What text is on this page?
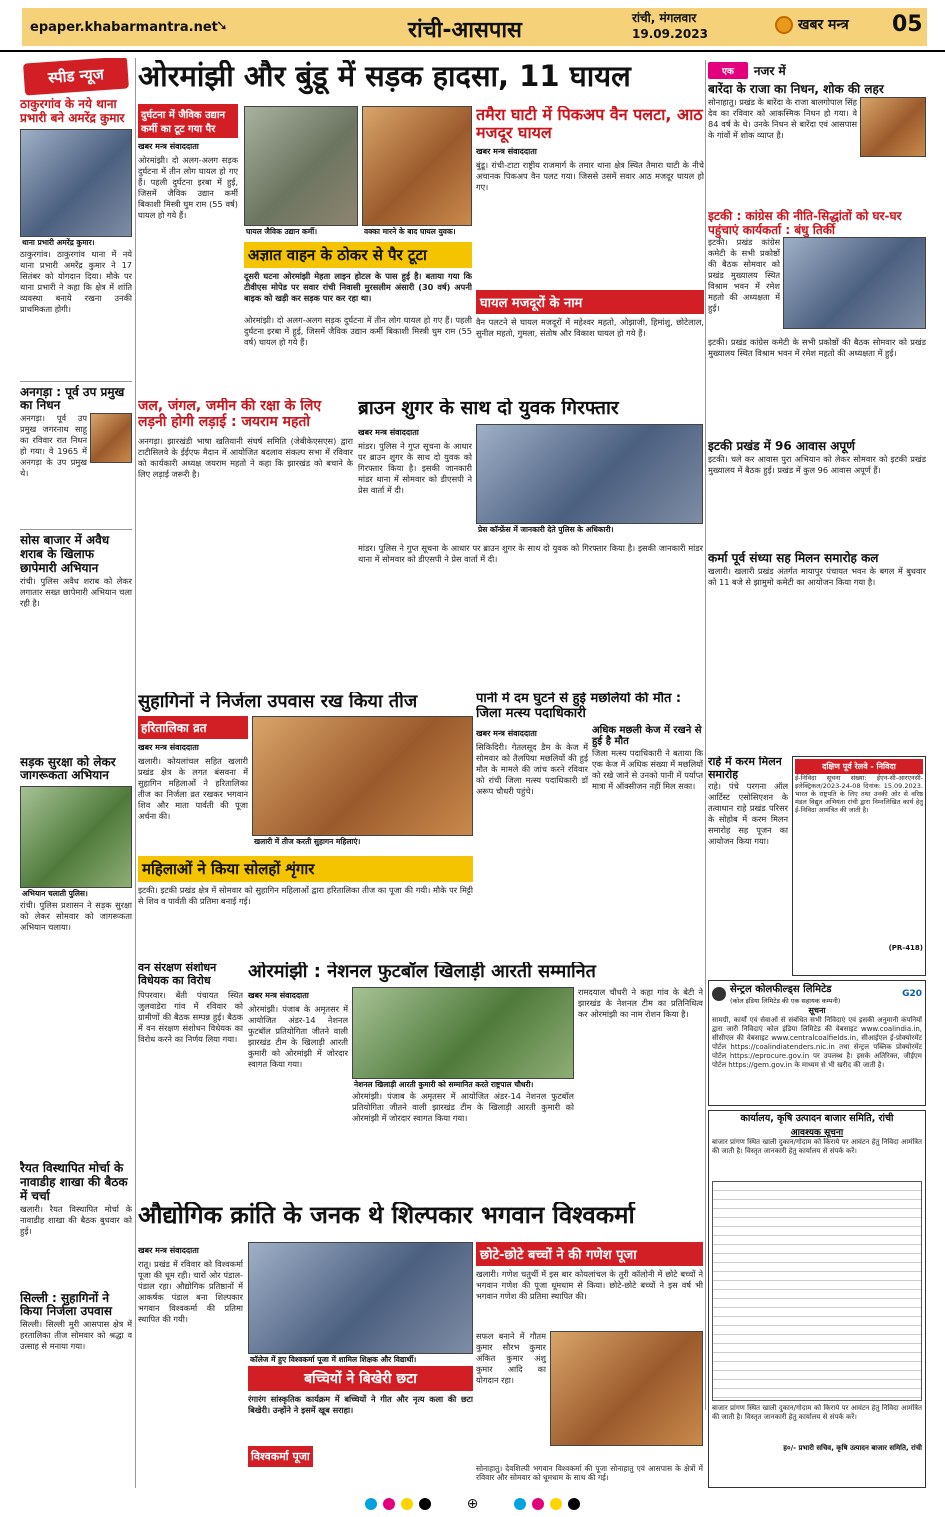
epaper.khabarmantra.net
➘	रांची-आसपास	रांची, मंगलवार
19.09.2023
खबर मन्त्र 05
स्पीड न्यूज
ठाकुरगांव के नये थाना प्रभारी बने अमरेंद्र कुमार
थाना प्रभारी अमरेंद्र कुमार।
ठाकुरगांव। ठाकुरगांव थाना में नये थाना प्रभारी अमरेंद्र कुमार ने 17 सितंबर को योगदान दिया। मौके पर थाना प्रभारी ने कहा कि क्षेत्र में शांति व्यवस्था बनाये रखना उनकी प्राथमिकता होगी।
अनगड़ा : पूर्व उप प्रमुख का निधन
अनगड़ा। पूर्व उप प्रमुख जगरनाथ साहू का रविवार रात निधन हो गया। वे 1965 में अनगड़ा के उप प्रमुख थे।
सोस बाजार में अवैध शराब के खिलाफ छापेमारी अभियान
रांची। पुलिस अवैध शराब को लेकर लगातार सख्त छापेमारी अभियान चला रही है।
सड़क सुरक्षा को लेकर जागरूकता अभियान
अभियान चलाती पुलिस।
रांची। पुलिस प्रशासन ने सड़क सुरक्षा को लेकर सोमवार को जागरूकता अभियान चलाया।
रैयत विस्थापित मोर्चा के नावाडीह शाखा की बैठक में चर्चा
खलारी। रैयत विस्थापित मोर्चा के नावाडीह शाखा की बैठक बुधवार को हुई।
सिल्ली : सुहागिनों ने किया निर्जला उपवास
सिल्ली। सिल्ली मुरी आसपास क्षेत्र में हरतालिका तीज सोमवार को श्रद्धा व उत्साह से मनाया गया।
ओरमांझी और बुंडू में सड़क हादसा, 11 घायल
दुर्घटना में जैविक उद्यान कर्मी का टूट गया पैर
खबर मन्त्र संवाददाता
ओरमांझी। दो अलग-अलग सड़क दुर्घटना में तीन लोग घायल हो गए हैं। पहली दुर्घटना इरबा में हुई, जिसमें जैविक उद्यान कर्मी बिकाशी मिस्त्री घुम राम (55 वर्ष) घायल हो गये हैं।
घायल जैविक उद्यान कर्मी।	वक्का मारने के बाद घायल युवक।
अज्ञात वाहन के ठोकर से पैर टूटा
दूसरी घटना ओरमांझी मेहता लाइन होटल के पास हुई है। बताया गया कि टीवीएस मोपेड पर सवार रांची निवासी मुरसलीम अंसारी (30 वर्ष) अपनी बाइक को खड़ी कर सड़क पार कर रहा था।
ओरमांझी। दो अलग-अलग सड़क दुर्घटना में तीन लोग घायल हो गए हैं। पहली दुर्घटना इरबा में हुई, जिसमें जैविक उद्यान कर्मी बिकाशी मिस्त्री घुम राम (55 वर्ष) घायल हो गये हैं।
तमैरा घाटी में पिकअप वैन पलटा, आठ मजदूर घायल
खबर मन्त्र संवाददाता
बुंडू। रांची-टाटा राष्ट्रीय राजमार्ग के तमार थाना क्षेत्र स्थित तैमारा घाटी के नीचे अचानक पिकअप वैन पलट गया। जिससे उसमें सवार आठ मजदूर घायल हो गए।
घायल मजदूरों के नाम
वैन पलटने से घायल मजदूरों में महेश्वर महतो, ओझाजी, हिमांशु, छोटेलाल, सुनील महतो, गुमला, संतोष और विकाश घायल हो गये हैं।
एक	नजर में
बारेंदा के राजा का निधन, शोक की लहर
सोनाहातु। प्रखंड के बारेंदा के राजा बालगोपाल सिंह देव का रविवार को आकस्मिक निधन हो गया। वे 84 वर्ष के थे। उनके निधन से बारेंदा एवं आसपास के गांवों में शोक व्याप्त है।
इटकी : कांग्रेस की नीति-सिद्धांतों को घर-घर पहुंचाएं कार्यकर्ता : बंधु तिर्की
इटकी। प्रखंड कांग्रेस कमेटी के सभी प्रकोष्ठों की बैठक सोमवार को प्रखंड मुख्यालय स्थित विश्राम भवन में रमेश महतो की अध्यक्षता में हुई।
इटकी। प्रखंड कांग्रेस कमेटी के सभी प्रकोष्ठों की बैठक सोमवार को प्रखंड मुख्यालय स्थित विश्राम भवन में रमेश महतो की अध्यक्षता में हुई।
इटकी प्रखंड में 96 आवास अपूर्ण
इटकी। चले कर आवास पुरा अभियान को लेकर सोमवार को इटकी प्रखंड मुख्यालय में बैठक हुई। प्रखंड में कुल 96 आवास अपूर्ण हैं।
कर्मा पूर्व संध्या सह मिलन समारोह कल
खलारी। खलारी प्रखंड अंतर्गत मायापुर पंचायत भवन के बगल में बुधवार को 11 बजे से झामुमो कमेटी का आयोजन किया गया है।
जल, जंगल, जमीन की रक्षा के लिए लड़नी होगी लड़ाई : जयराम महतो
अनगड़ा। झारखंडी भाषा खतियानी संघर्ष समिति (जेबीकेएसएस) द्वारा टाटीसिलवे के ईईएफ मैदान में आयोजित बदलाव संकल्प सभा में रविवार को कार्यकारी अध्यक्ष जयराम महतो ने कहा कि झारखंड को बचाने के लिए लड़ाई जरूरी है।
ब्राउन शुगर के साथ दो युवक गिरफ्तार
खबर मन्त्र संवाददाता
मांडर। पुलिस ने गुप्त सूचना के आधार पर ब्राउन शुगर के साथ दो युवक को गिरफ्तार किया है। इसकी जानकारी मांडर थाना में सोमवार को डीएसपी ने प्रेस वार्ता में दी।
प्रेस कॉन्फ्रेंस में जानकारी देते पुलिस के अधिकारी।
मांडर। पुलिस ने गुप्त सूचना के आधार पर ब्राउन शुगर के साथ दो युवक को गिरफ्तार किया है। इसकी जानकारी मांडर थाना में सोमवार को डीएसपी ने प्रेस वार्ता में दी।
सुहागिनों ने निर्जला उपवास रख किया तीज
हरितालिका व्रत
खबर मन्त्र संवाददाता
खलारी। कोयलांचल सहित खलारी प्रखंड क्षेत्र के लगत बंसवना में सुहागिन महिलाओं ने हरितालिका तीज का निर्जला व्रत रखकर भगवान शिव और माता पार्वती की पूजा अर्चना की।
खलारी में तीज करती सुहागन महिलाएं।
महिलाओं ने किया सोलहों शृंगार
इटकी। इटकी प्रखंड क्षेत्र में सोमवार को सुहागिन महिलाओं द्वारा हरितालिका तीज का पूजा की गयी। मौके पर मिट्टी से शिव व पार्वती की प्रतिमा बनाई गई।
पानी में दम घुटने से हुई मछलियों की मौत : जिला मत्स्य पदाधिकारी
खबर मन्त्र संवाददाता
सिकिदिरी। गेतलसूद डैम के केज में सोमवार को तैलपिया मछलियों की हुई मौत के मामले की जांच करने रविवार को रांची जिला मत्स्य पदाधिकारी डॉ अरूप चौधरी पहुंचे।
अधिक मछली केज में रखने से हुई है मौत
जिला मत्स्य पदाधिकारी ने बताया कि एक केज में अधिक संख्या में मछलियों को रखे जाने से उनको पानी में पर्याप्त मात्रा में ऑक्सीजन नहीं मिल सका।
राहे में करम मिलन समारोह
राहे। पंचे परगना ऑल आर्टिस्ट एसोसिएशन के तत्वाधान राहे प्रखंड परिसर के सोहोब में करम मिलन समारोह सह पूजन का आयोजन किया गया।
दक्षिण पूर्व रेलवे - निविदा
ई-निविदा सूचना संख्या: ईएन-सी-आरएनसी-इलेक्ट्रिकल/2023-24-08 दिनांक: 15.09.2023. भारत के राष्ट्रपति के लिए तथा उनकी ओर से वरिष्ठ मंडल विद्युत अभियंता रांची द्वारा निम्नलिखित कार्य हेतु ई-निविदा आमंत्रित की जाती है।
(PR-418)
वन संरक्षण संशोधन विधेयक का विरोध
पिपरवार। बेंती पंचायत स्थित जुलवाडेरा गांव में रविवार को ग्रामीणों की बैठक सम्पन्न हुई। बैठक में वन संरक्षण संशोधन विधेयक का विरोध करने का निर्णय लिया गया।
ओरमांझी : नेशनल फुटबॉल खिलाड़ी आरती सम्मानित
खबर मन्त्र संवाददाता
ओरमांझी। पंजाब के अमृतसर में आयोजित अंडर-14 नेशनल फुटबॉल प्रतियोगिता जीतने वाली झारखंड टीम के खिलाड़ी आरती कुमारी को ओरमांझी में जोरदार स्वागत किया गया।
नेशनल खिलाड़ी आरती कुमारी को सम्मानित करते राष्ट्रपाल चौधरी।
ओरमांझी। पंजाब के अमृतसर में आयोजित अंडर-14 नेशनल फुटबॉल प्रतियोगिता जीतने वाली झारखंड टीम के खिलाड़ी आरती कुमारी को ओरमांझी में जोरदार स्वागत किया गया।
रामदयाल चौधरी ने कहा गांव के बेटी ने झारखंड के नेशनल टीम का प्रतिनिधित्व कर ओरमांझी का नाम रोशन किया है।
सेन्ट्रल कोलफील्ड्स लिमिटेड
(कोल इंडिया लिमिटेड की एक सहायक कम्पनी)
G20
सूचना
सामग्री, कार्यों एवं सेवाओं से संबंधित सभी निविदाएं एवं इसकी अनुमानी कंपनियों द्वारा जारी निविदाएं कोल इंडिया लिमिटेड की वेबसाइट www.coalindia.in, सीसीएल की वेबसाइट www.centralcoalfields.in, सीआईएल ई-प्रोक्योरमेंट पोर्टल https://coalindiatenders.nic.in तथा सेन्ट्रल पब्लिक प्रोक्योरमेंट पोर्टल https://eprocure.gov.in पर उपलब्ध है। इसके अतिरिक्त, जीईएम पोर्टल https://gem.gov.in के माध्यम से भी खरीद की जाती है।
कार्यालय, कृषि उत्पादन बाजार समिति, रांची
आवश्यक सूचना
बाजार प्रांगण स्थित खाली दुकान/गोदाम को किराये पर आवंटन हेतु निविदा आमंत्रित की जाती है। विस्तृत जानकारी हेतु कार्यालय से संपर्क करें।
बाजार प्रांगण स्थित खाली दुकान/गोदाम को किराये पर आवंटन हेतु निविदा आमंत्रित की जाती है। विस्तृत जानकारी हेतु कार्यालय से संपर्क करें।
ह०/- प्रभारी सचिव, कृषि उत्पादन बाजार समिति, रांची
औद्योगिक क्रांति के जनक थे शिल्पकार भगवान विश्वकर्मा
खबर मन्त्र संवाददाता
रातू। प्रखंड में रविवार को विश्वकर्मा पूजा की धूम रही। चारों ओर पंडाल-पंडाल रहा। औद्योगिक प्रतिष्ठानों में आकर्षक पंडाल बना शिल्पकार भगवान विश्वकर्मा की प्रतिमा स्थापित की गयी।
कॉलेज में हुए विश्वकर्मा पूजा में शामिल शिक्षक और विद्यार्थी।
बच्चियों ने बिखेरी छटा
रंगारंग सांस्कृतिक कार्यक्रम में बच्चियों ने गीत और नृत्य कला की छटा बिखेरी। उन्होंने ने इसमें खूब सराहा।
विश्वकर्मा पूजा
छोटे-छोटे बच्चों ने की गणेश पूजा
खलारी। गणेश चतुर्थी में इस बार कोयलांचल के तुरी कॉलोनी में छोटे बच्चों ने भगवान गणेश की पूजा धूमधाम से किया। छोटे-छोटे बच्चों ने इस वर्ष भी भगवान गणेश की प्रतिमा स्थापित की।
सफल बनाने में गौतम कुमार सौरभ कुमार अंकित कुमार अंशु कुमार आदि का योगदान रहा।
सोनाहातु। देवशिल्पी भगवान विश्वकर्मा की पूजा सोनाहातु एवं आसपास के क्षेत्रों में रविवार और सोमवार को धूमधाम के साथ की गई।
⊕
